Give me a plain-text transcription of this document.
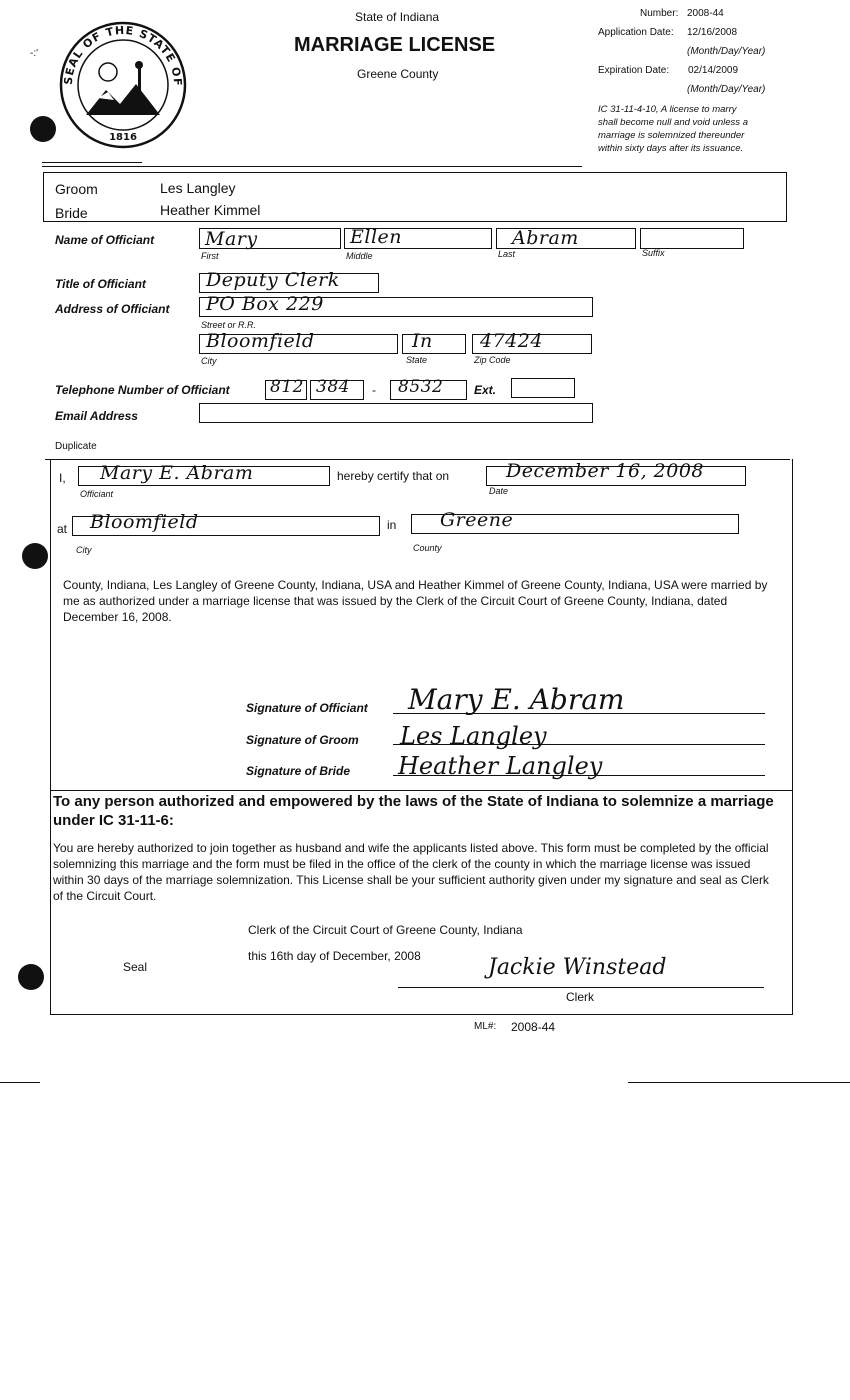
SEAL OF THE STATE OF
1816
-:'
State of Indiana
MARRIAGE LICENSE
Greene County
Number: 2008-44
Application Date: 12/16/2008
(Month/Day/Year)
Expiration Date: 02/14/2009
(Month/Day/Year)
IC 31-11-4-10, A license to marry
shall become null and void unless a
marriage is solemnized thereunder
within sixty days after its issuance.
Groom	Les Langley
Bride	Heather Kimmel
Name of Officiant	Mary	Ellen	Abram
First	Middle	Last	Suffix
Title of Officiant	Deputy Clerk
Address of Officiant PO Box 229
Street or R.R.
Bloomfield	In 47424
City	State	Zip Code
Telephone Number of Officiant 812 384 - 8532	Ext.
Email Address
Duplicate
I, Mary E. Abram
Officiant
hereby certify that on	December 16, 2008
Date
at Bloomfield
City
in Greene
County
County, Indiana, Les Langley of Greene County, Indiana, USA and Heather Kimmel of Greene County, Indiana, USA were married by me as authorized under a marriage license that was issued by the Clerk of the Circuit Court of Greene County, Indiana, dated December 16, 2008.
Signature of Officiant Mary E. Abram
Signature of Groom Les Langley
Signature of Bride Heather Langley
To any person authorized and empowered by the laws of the State of Indiana to solemnize a marriage under IC 31-11-6:
You are hereby authorized to join together as husband and wife the applicants listed above. This form must be completed by the official solemnizing this marriage and the form must be filed in the office of the clerk of the county in which the marriage license was issued within 30 days of the marriage solemnization. This License shall be your sufficient authority given under my signature and seal as Clerk of the Circuit Court.
Clerk of the Circuit Court of Greene County, Indiana
this 16th day of December, 2008
Seal	Jackie Winstead
Clerk
ML#: 2008-44
